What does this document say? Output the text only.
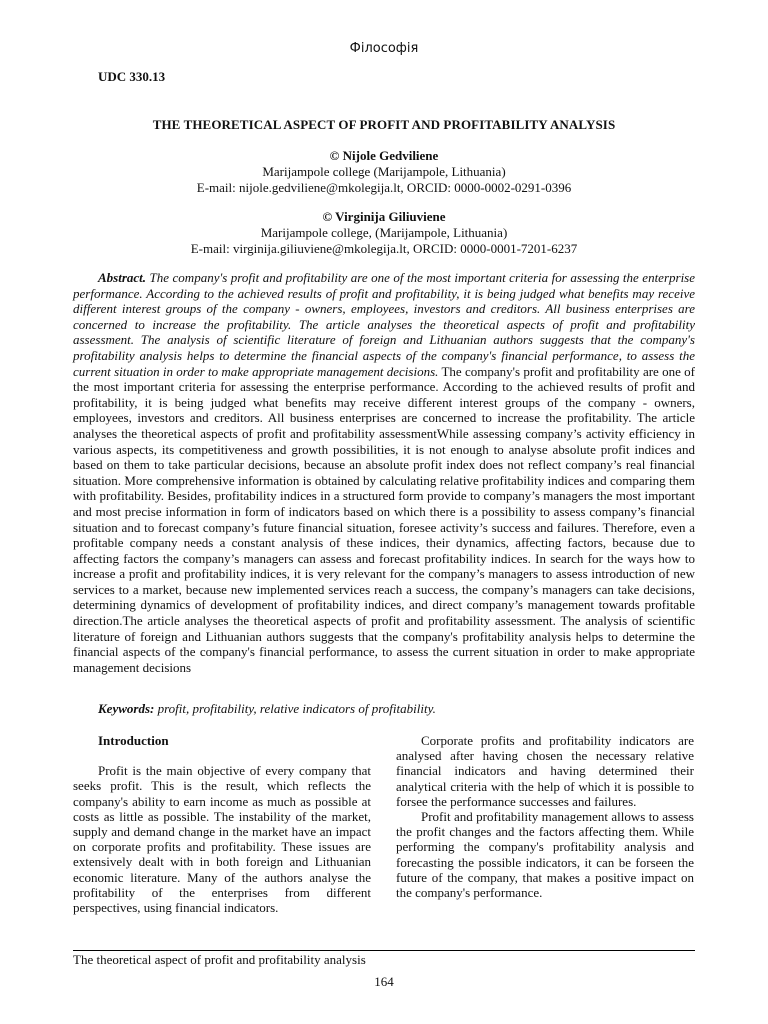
Філософія
UDC 330.13
THE THEORETICAL ASPECT OF PROFIT AND PROFITABILITY ANALYSIS
© Nijole Gedviliene
Marijampole college (Marijampole, Lithuania)
E-mail: nijole.gedviliene@mkolegija.lt, ORCID: 0000-0002-0291-0396
© Virginija Giliuviene
Marijampole college, (Marijampole, Lithuania)
E-mail: virginija.giliuviene@mkolegija.lt, ORCID: 0000-0001-7201-6237
Abstract. The company's profit and profitability are one of the most important criteria for assessing the enterprise performance. According to the achieved results of profit and profitability, it is being judged what benefits may receive different interest groups of the company - owners, employees, investors and creditors. All business enterprises are concerned to increase the profitability. The article analyses the theoretical aspects of profit and profitability assessment. The analysis of scientific literature of foreign and Lithuanian authors suggests that the company's profitability analysis helps to determine the financial aspects of the company's financial performance, to assess the current situation in order to make appropriate management decisions. The company's profit and profitability are one of the most important criteria for assessing the enterprise performance. According to the achieved results of profit and profitability, it is being judged what benefits may receive different interest groups of the company - owners, employees, investors and creditors. All business enterprises are concerned to increase the profitability. The article analyses the theoretical aspects of profit and profitability assessmentWhile assessing company’s activity efficiency in various aspects, its competitiveness and growth possibilities, it is not enough to analyse absolute profit indices and based on them to take particular decisions, because an absolute profit index does not reflect company’s real financial situation. More comprehensive information is obtained by calculating relative profitability indices and comparing them with profitability. Besides, profitability indices in a structured form provide to company’s managers the most important and most precise information in form of indicators based on which there is a possibility to assess company’s financial situation and to forecast company’s future financial situation, foresee activity’s success and failures. Therefore, even a profitable company needs a constant analysis of these indices, their dynamics, affecting factors, because due to affecting factors the company’s managers can assess and forecast profitability indices. In search for the ways how to increase a profit and profitability indices, it is very relevant for the company’s managers to assess introduction of new services to a market, because new implemented services reach a success, the company’s managers can take decisions, determining dynamics of development of profitability indices, and direct company’s management towards profitable direction.The article analyses the theoretical aspects of profit and profitability assessment. The analysis of scientific literature of foreign and Lithuanian authors suggests that the company's profitability analysis helps to determine the financial aspects of the company's financial performance, to assess the current situation in order to make appropriate management decisions
Keywords: profit, profitability, relative indicators of profitability.
Introduction

Profit is the main objective of every company that seeks profit. This is the result, which reflects the company's ability to earn income as much as possible at costs as little as possible. The instability of the market, supply and demand change in the market have an impact on corporate profits and profitability. These issues are extensively dealt with in both foreign and Lithuanian economic literature. Many of the authors analyse the profitability of the enterprises from different perspectives, using financial indicators.

Corporate profits and profitability indicators are analysed after having chosen the necessary relative financial indicators and having determined their analytical criteria with the help of which it is possible to forsee the performance successes and failures.

Profit and profitability management allows to assess the profit changes and the factors affecting them. While performing the company's profitability analysis and forecasting the possible indicators, it can be forseen the future of the company, that makes a positive impact on the company's performance.

The theoretical aspect of profit and profitability analysis
164
